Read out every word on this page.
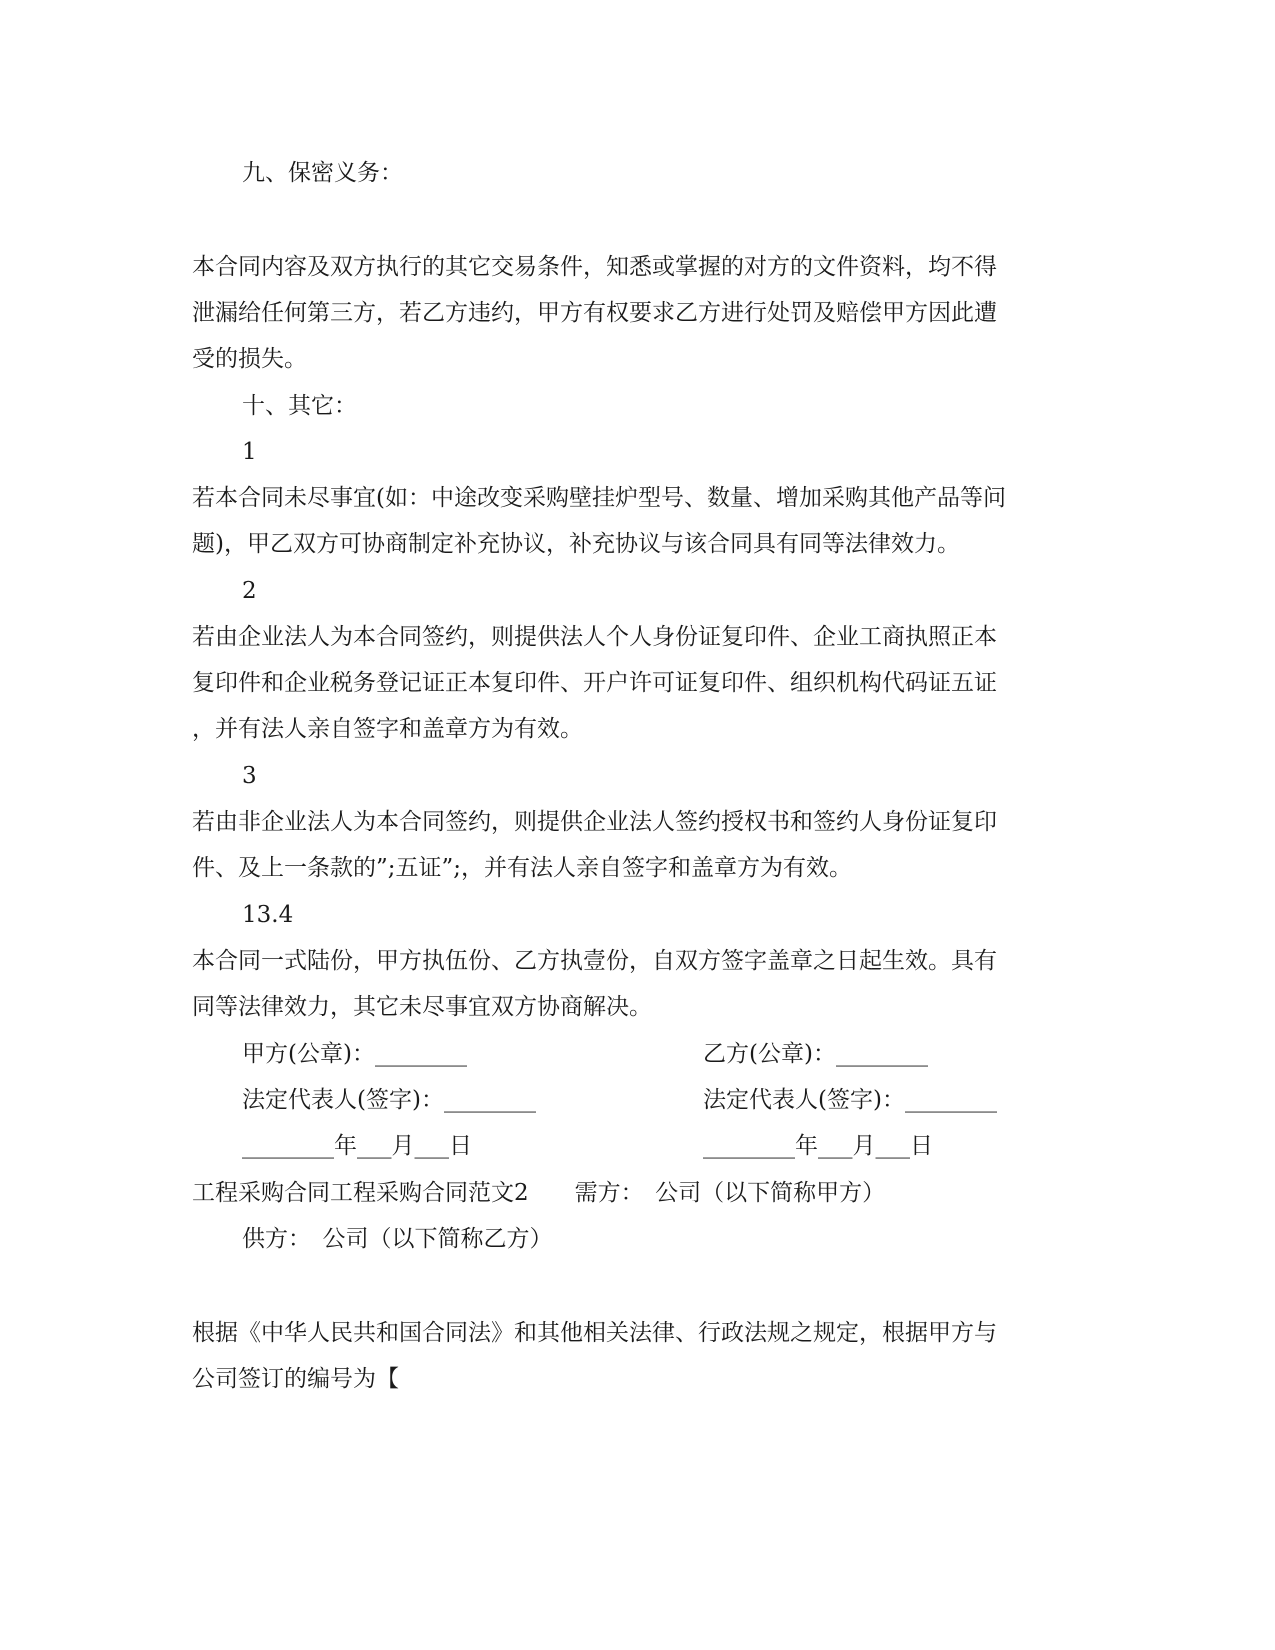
九、保密义务：
本合同内容及双方执行的其它交易条件，知悉或掌握的对方的文件资料，均不得
泄漏给任何第三方，若乙方违约，甲方有权要求乙方进行处罚及赔偿甲方因此遭
受的损失。
十、其它：
1
若本合同未尽事宜(如：中途改变采购壁挂炉型号、数量、增加采购其他产品等问
题)，甲乙双方可协商制定补充协议，补充协议与该合同具有同等法律效力。
2
若由企业法人为本合同签约，则提供法人个人身份证复印件、企业工商执照正本
复印件和企业税务登记证正本复印件、开户许可证复印件、组织机构代码证五证
，并有法人亲自签字和盖章方为有效。
3
若由非企业法人为本合同签约，则提供企业法人签约授权书和签约人身份证复印
件、及上一条款的”;五证”;，并有法人亲自签字和盖章方为有效。
13.4
本合同一式陆份，甲方执伍份、乙方执壹份，自双方签字盖章之日起生效。具有
同等法律效力，其它未尽事宜双方协商解决。
甲方(公章)：________	乙方(公章)：________
法定代表人(签字)：________	法定代表人(签字)：________
________年___月___日	________年___月___日
工程采购合同工程采购合同范文2　　需方：　公司（以下简称甲方）
供方：　公司（以下简称乙方）
根据《中华人民共和国合同法》和其他相关法律、行政法规之规定，根据甲方与
公司签订的编号为【
